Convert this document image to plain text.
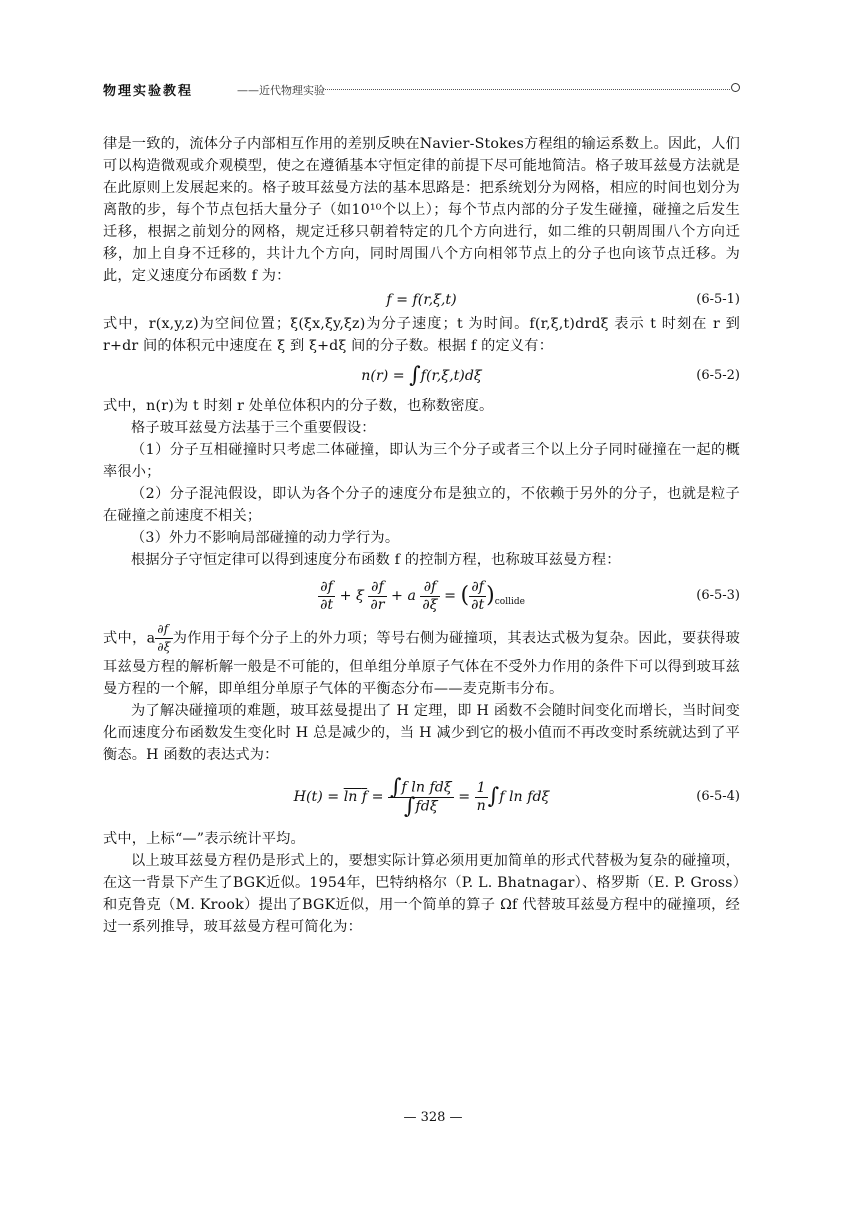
物理实验教程	——近代物理实验

律是一致的，流体分子内部相互作用的差别反映在Navier-Stokes方程组的输运系数上。因此，人们可以构造微观或介观模型，使之在遵循基本守恒定律的前提下尽可能地简洁。格子玻耳兹曼方法就是在此原则上发展起来的。格子玻耳兹曼方法的基本思路是：把系统划分为网格，相应的时间也划分为离散的步，每个节点包括大量分子（如10¹⁰个以上）；每个节点内部的分子发生碰撞，碰撞之后发生迁移，根据之前划分的网格，规定迁移只朝着特定的几个方向进行，如二维的只朝周围八个方向迁移，加上自身不迁移的，共计九个方向，同时周围八个方向相邻节点上的分子也向该节点迁移。为此，定义速度分布函数 f 为：

f = f(r,ξ,t)	(6-5-1)

式中，r(x,y,z)为空间位置；ξ(ξx,ξy,ξz)为分子速度；t 为时间。f(r,ξ,t)drdξ 表示 t 时刻在 r 到 r+dr 间的体积元中速度在 ξ 到 ξ+dξ 间的分子数。根据 f 的定义有：

n(r) = ∫f(r,ξ,t)dξ	(6-5-2)

式中，n(r)为 t 时刻 r 处单位体积内的分子数，也称数密度。

格子玻耳兹曼方法基于三个重要假设：

（1）分子互相碰撞时只考虑二体碰撞，即认为三个分子或者三个以上分子同时碰撞在一起的概率很小；

（2）分子混沌假设，即认为各个分子的速度分布是独立的，不依赖于另外的分子，也就是粒子在碰撞之前速度不相关；

（3）外力不影响局部碰撞的动力学行为。

根据分子守恒定律可以得到速度分布函数 f 的控制方程，也称玻耳兹曼方程：

$\frac{\partial f}{\partial t} + \xi \frac{\partial f}{\partial r} + a \frac{\partial f}{\partial\xi}$ = ( $\frac{\partial f}{\partial t} )_{collide}$	(6-5-3)

式中，a $\frac{\partial f}{\partial\xi}$ 为作用于每个分子上的外力项；等号右侧为碰撞项，其表达式极为复杂。因此，要获得玻耳兹曼方程的解析解一般是不可能的，但单组分单原子气体在不受外力作用的条件下可以得到玻耳兹曼方程的一个解，即单组分单原子气体的平衡态分布——麦克斯韦分布。

为了解决碰撞项的难题，玻耳兹曼提出了 H 定理，即 H 函数不会随时间变化而增长，当时间变化而速度分布函数发生变化时 H 总是减少的，当 H 减少到它的极小值而不再改变时系统就达到了平衡态。H 函数的表达式为：

$H(t) = \ln f = \frac{\text{∫f ln fdξ}}{\text{∫fdξ}} = \frac{1}{n} \int f$ ln fdξ	(6-5-4)

式中，上标“—”表示统计平均。

以上玻耳兹曼方程仍是形式上的，要想实际计算必须用更加简单的形式代替极为复杂的碰撞项，在这一背景下产生了BGK近似。1954年，巴特纳格尔（P. L. Bhatnagar）、格罗斯（E. P. Gross）和克鲁克（M. Krook）提出了BGK近似，用一个简单的算子 Ωf 代替玻耳兹曼方程中的碰撞项，经过一系列推导，玻耳兹曼方程可简化为：

— 328 —
